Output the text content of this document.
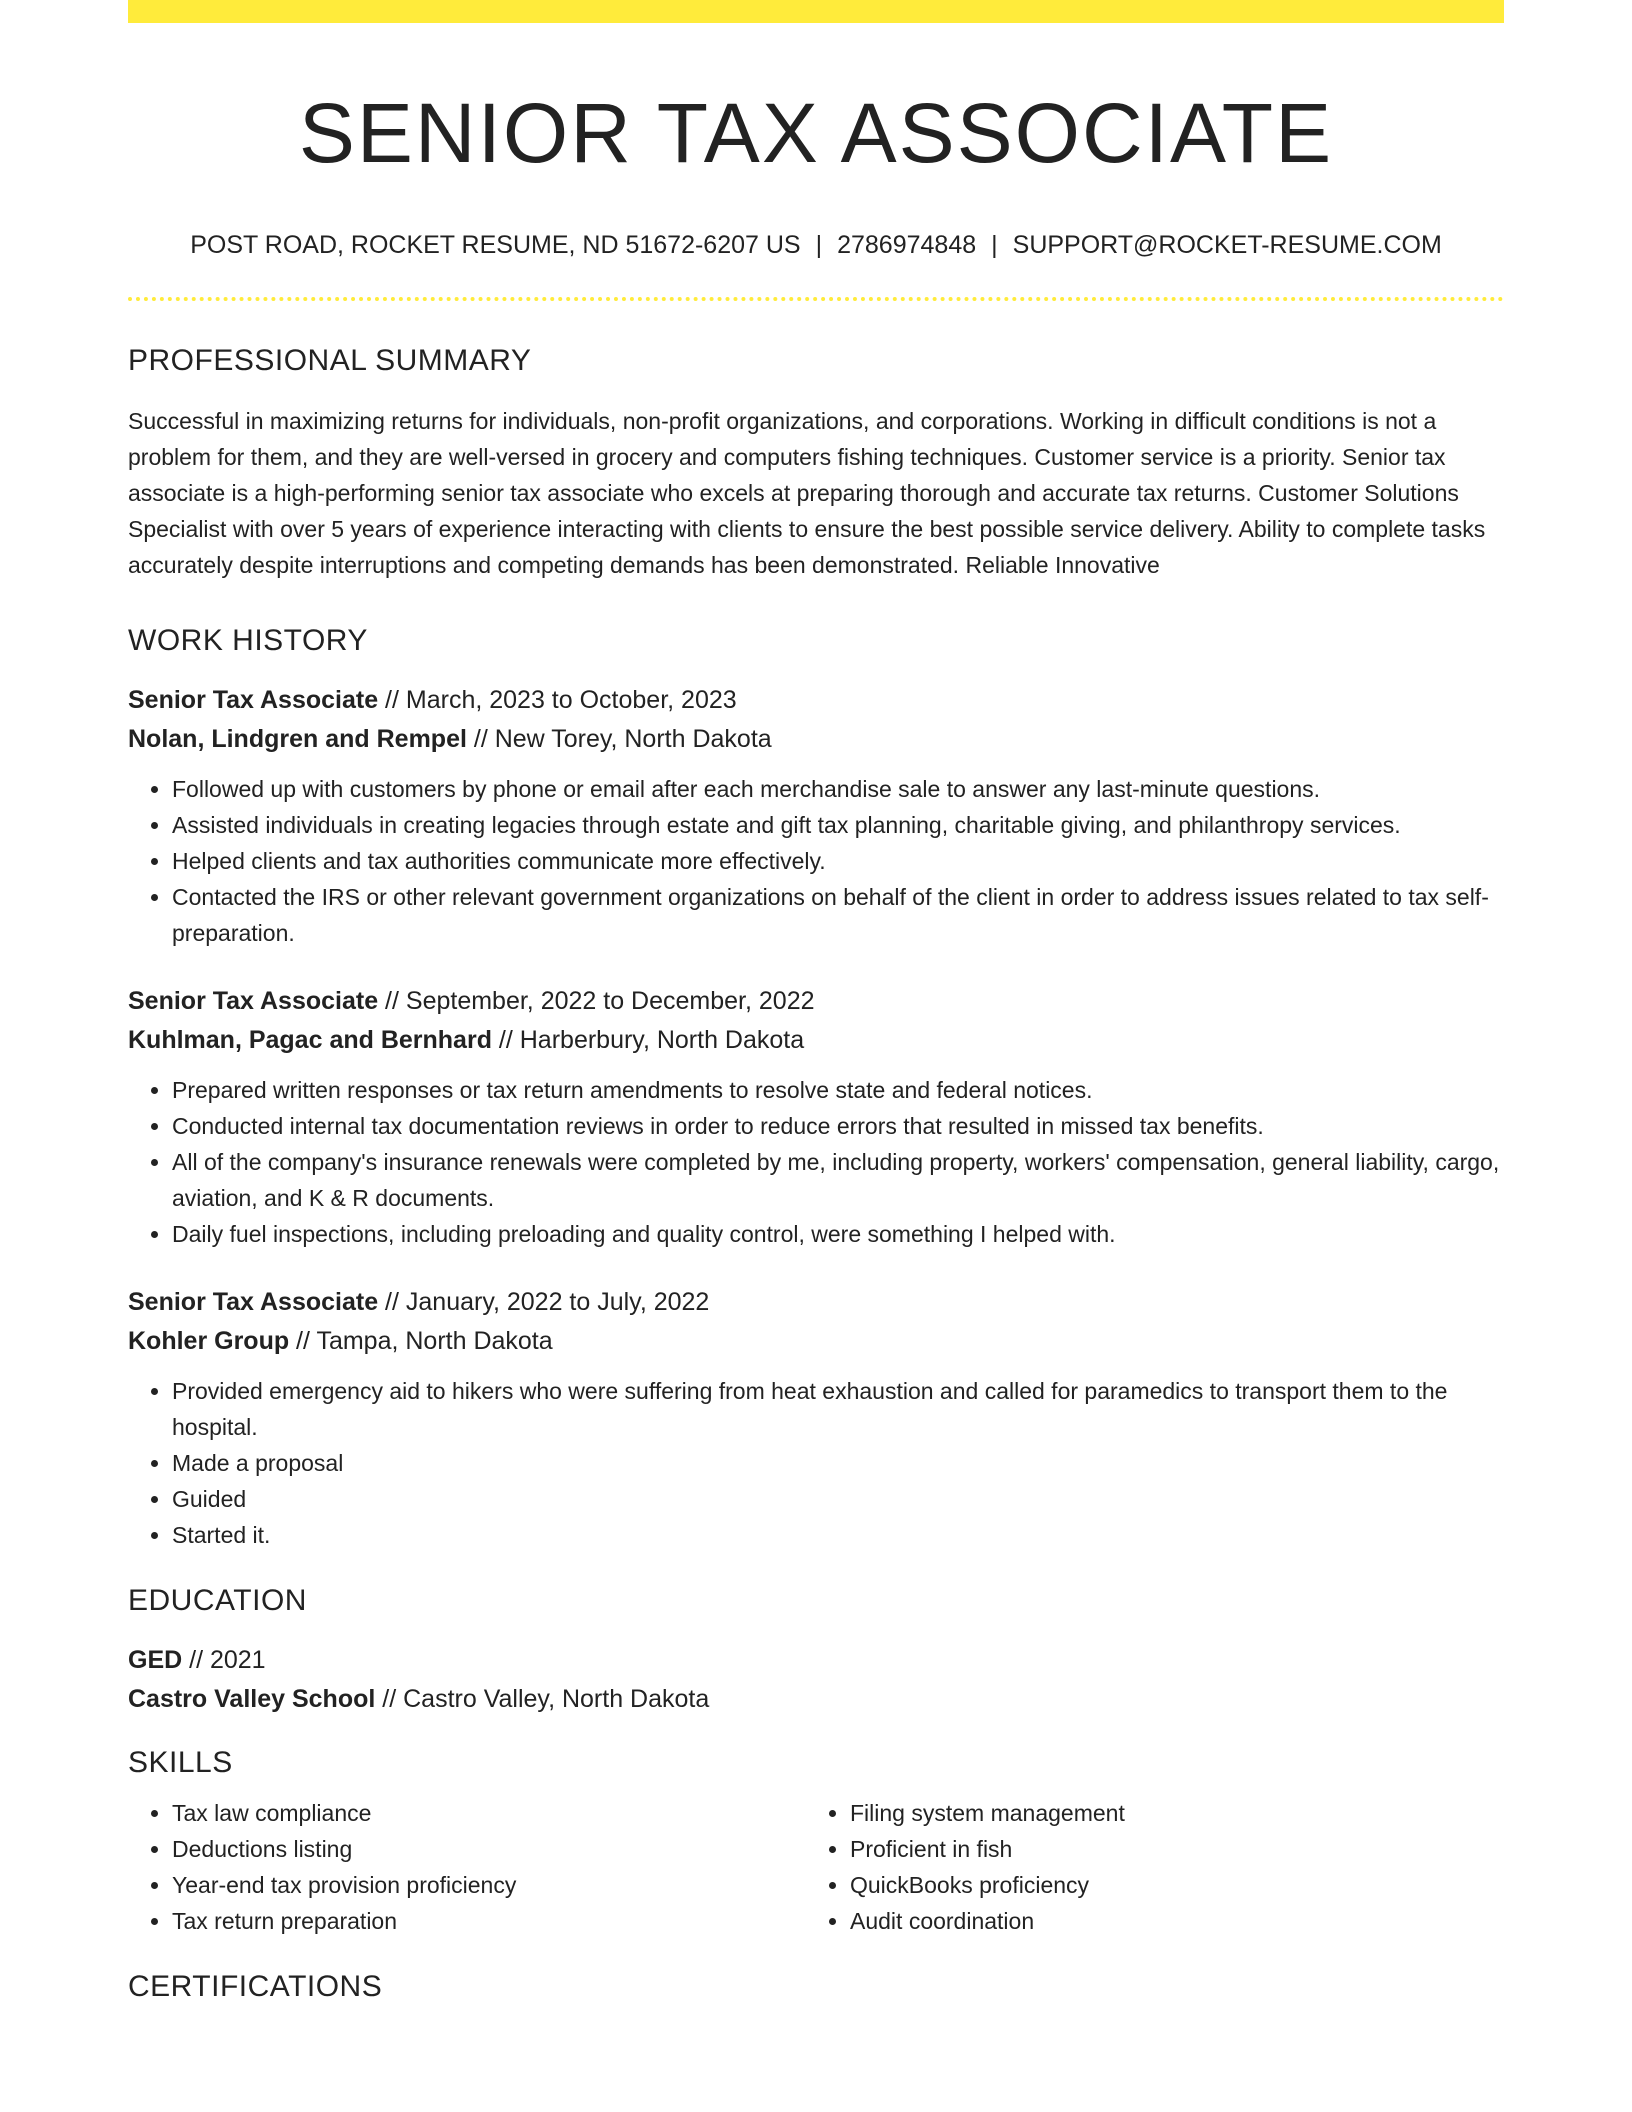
SENIOR TAX ASSOCIATE
POST ROAD, ROCKET RESUME, ND 51672-6207 US | 2786974848 | SUPPORT@ROCKET-RESUME.COM
PROFESSIONAL SUMMARY
Successful in maximizing returns for individuals, non-profit organizations, and corporations. Working in difficult conditions is not a problem for them, and they are well-versed in grocery and computers fishing techniques. Customer service is a priority. Senior tax associate is a high-performing senior tax associate who excels at preparing thorough and accurate tax returns. Customer Solutions Specialist with over 5 years of experience interacting with clients to ensure the best possible service delivery. Ability to complete tasks accurately despite interruptions and competing demands has been demonstrated. Reliable Innovative
WORK HISTORY
Senior Tax Associate // March, 2023 to October, 2023
Nolan, Lindgren and Rempel // New Torey, North Dakota
• Followed up with customers by phone or email after each merchandise sale to answer any last-minute questions.
• Assisted individuals in creating legacies through estate and gift tax planning, charitable giving, and philanthropy services.
• Helped clients and tax authorities communicate more effectively.
• Contacted the IRS or other relevant government organizations on behalf of the client in order to address issues related to tax self-preparation.
Senior Tax Associate // September, 2022 to December, 2022
Kuhlman, Pagac and Bernhard // Harberbury, North Dakota
• Prepared written responses or tax return amendments to resolve state and federal notices.
• Conducted internal tax documentation reviews in order to reduce errors that resulted in missed tax benefits.
• All of the company's insurance renewals were completed by me, including property, workers' compensation, general liability, cargo, aviation, and K & R documents.
• Daily fuel inspections, including preloading and quality control, were something I helped with.
Senior Tax Associate // January, 2022 to July, 2022
Kohler Group // Tampa, North Dakota
• Provided emergency aid to hikers who were suffering from heat exhaustion and called for paramedics to transport them to the hospital.
• Made a proposal
• Guided
• Started it.
EDUCATION
GED // 2021
Castro Valley School // Castro Valley, North Dakota
SKILLS
• Tax law compliance
• Deductions listing
• Year-end tax provision proficiency
• Tax return preparation
• Filing system management
• Proficient in fish
• QuickBooks proficiency
• Audit coordination
CERTIFICATIONS
